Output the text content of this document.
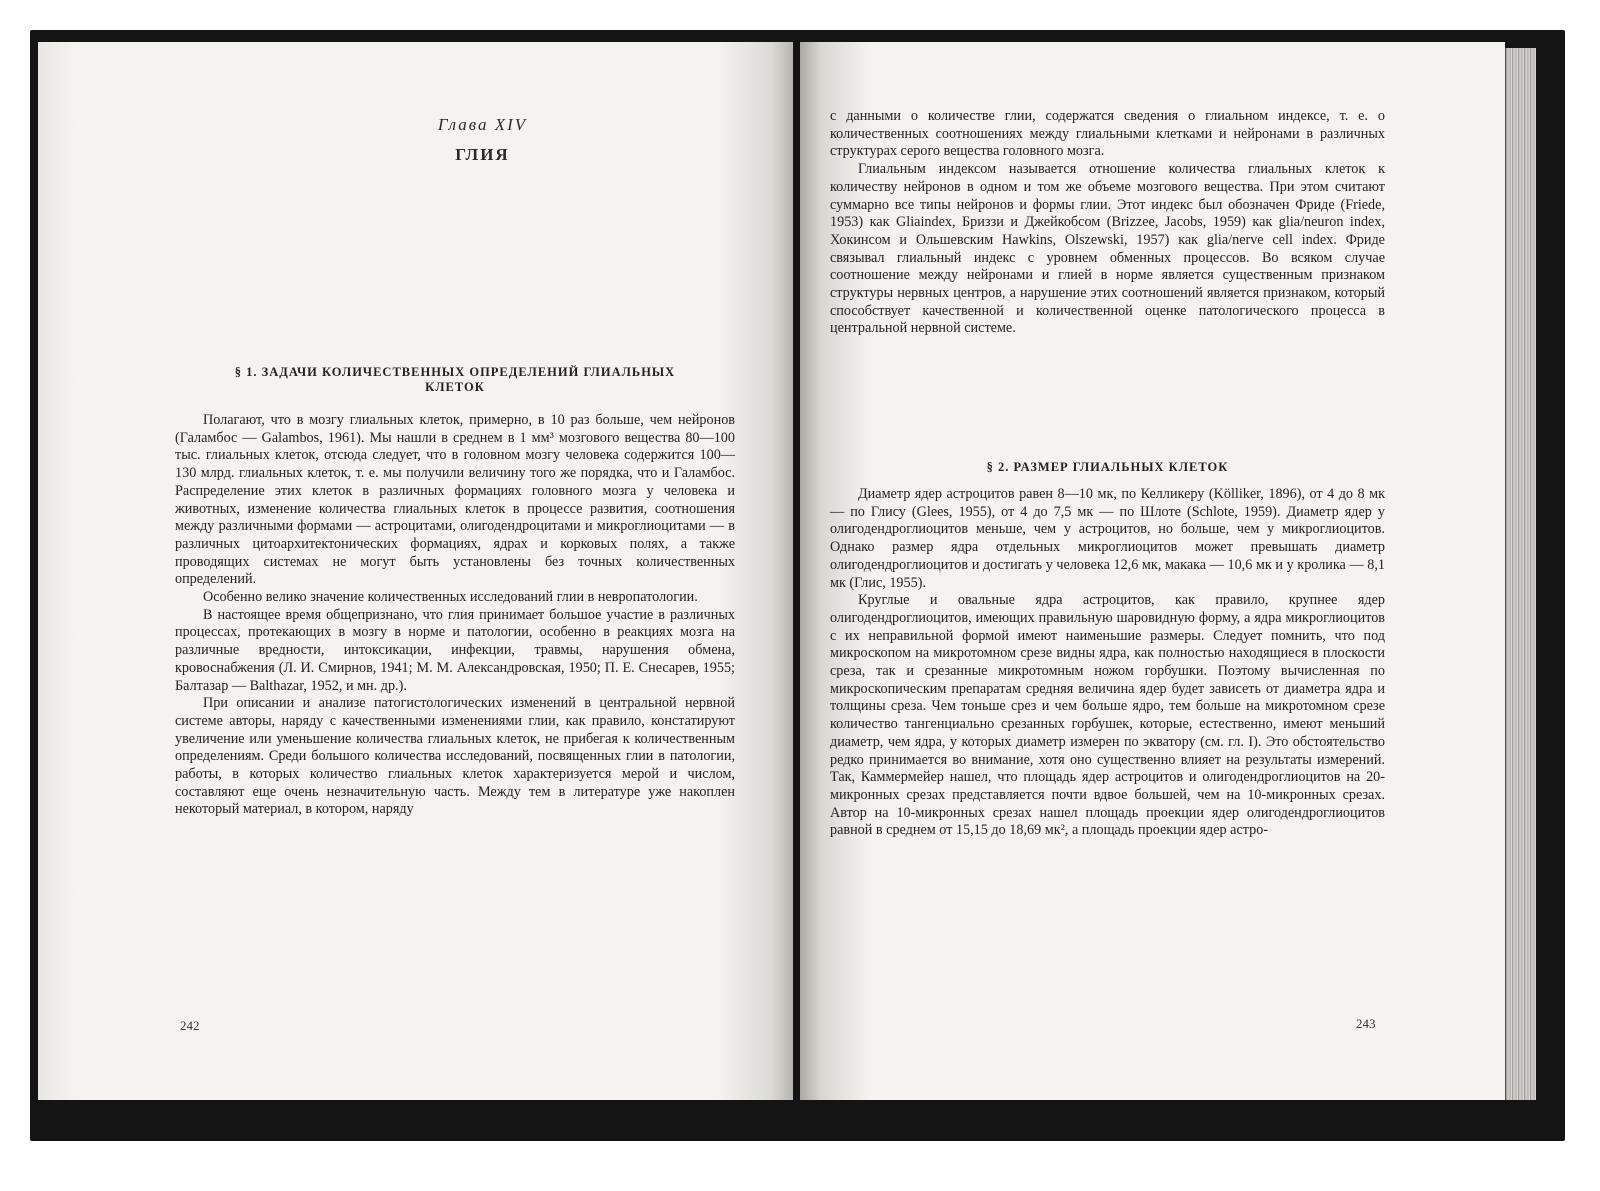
Глава XIV
ГЛИЯ
§ 1. ЗАДАЧИ КОЛИЧЕСТВЕННЫХ ОПРЕДЕЛЕНИЙ ГЛИАЛЬНЫХ
КЛЕТОК

Полагают, что в мозгу глиальных клеток, примерно, в 10 раз больше, чем нейронов (Галамбос — Galambos, 1961). Мы нашли в среднем в 1 мм³ мозгового вещества 80—100 тыс. глиальных клеток, отсюда следует, что в головном мозгу человека содержится 100—130 млрд. глиальных клеток, т. е. мы получили величину того же порядка, что и Галамбос. Распределение этих клеток в различных формациях головного мозга у человека и животных, изменение количества глиальных клеток в процессе развития, соотношения между различными формами — астроцитами, олигодендроцитами и микроглиоцитами — в различных цитоархитектонических формациях, ядрах и корковых полях, а также проводящих системах не могут быть установлены без точных количественных определений.

Особенно велико значение количественных исследований глии в невропатологии.

В настоящее время общепризнано, что глия принимает большое участие в различных процессах, протекающих в мозгу в норме и патологии, особенно в реакциях мозга на различные вредности, интоксикации, инфекции, травмы, нарушения обмена, кровоснабжения (Л. И. Смирнов, 1941; М. М. Александровская, 1950; П. Е. Снесарев, 1955; Балтазар — Balthazar, 1952, и мн. др.).

При описании и анализе патогистологических изменений в центральной нервной системе авторы, наряду с качественными изменениями глии, как правило, констатируют увеличение или уменьшение количества глиальных клеток, не прибегая к количественным определениям. Среди большого количества исследований, посвященных глии в патологии, работы, в которых количество глиальных клеток характеризуется мерой и числом, составляют еще очень незначительную часть. Между тем в литературе уже накоплен некоторый материал, в котором, наряду

242

с данными о количестве глии, содержатся сведения о глиальном индексе, т. е. о количественных соотношениях между глиальными клетками и нейронами в различных структурах серого вещества головного мозга.

Глиальным индексом называется отношение количества глиальных клеток к количеству нейронов в одном и том же объеме мозгового вещества. При этом считают суммарно все типы нейронов и формы глии. Этот индекс был обозначен Фриде (Friede, 1953) как Gliaindex, Бриззи и Джейкобсом (Brizzee, Jacobs, 1959) как glia/neuron index, Хокинсом и Ольшевским Hawkins, Olszewski, 1957) как glia/nerve cell index. Фриде связывал глиальный индекс с уровнем обменных процессов. Во всяком случае соотношение между нейронами и глией в норме является существенным признаком структуры нервных центров, а нарушение этих соотношений является признаком, который способствует качественной и количественной оценке патологического процесса в центральной нервной системе.

§ 2. РАЗМЕР ГЛИАЛЬНЫХ КЛЕТОК

Диаметр ядер астроцитов равен 8—10 мк, по Келликеру (Kölliker, 1896), от 4 до 8 мк — по Глису (Glees, 1955), от 4 до 7,5 мк — по Шлоте (Schlote, 1959). Диаметр ядер у олигодендроглиоцитов меньше, чем у астроцитов, но больше, чем у микроглиоцитов. Однако размер ядра отдельных микроглиоцитов может превышать диаметр олигодендроглиоцитов и достигать у человека 12,6 мк, макака — 10,6 мк и у кролика — 8,1 мк (Глис, 1955).

Круглые и овальные ядра астроцитов, как правило, крупнее ядер олигодендроглиоцитов, имеющих правильную шаровидную форму, а ядра микроглиоцитов с их неправильной формой имеют наименьшие размеры. Следует помнить, что под микроскопом на микротомном срезе видны ядра, как полностью находящиеся в плоскости среза, так и срезанные микротомным ножом горбушки. Поэтому вычисленная по микроскопическим препаратам средняя величина ядер будет зависеть от диаметра ядра и толщины среза. Чем тоньше срез и чем больше ядро, тем больше на микротомном срезе количество тангенциально срезанных горбушек, которые, естественно, имеют меньший диаметр, чем ядра, у которых диаметр измерен по экватору (см. гл. I). Это обстоятельство редко принимается во внимание, хотя оно существенно влияет на результаты измерений. Так, Каммермейер нашел, что площадь ядер астроцитов и олигодендроглиоцитов на 20-микронных срезах представляется почти вдвое большей, чем на 10-микронных срезах. Автор на 10-микронных срезах нашел площадь проекции ядер олигодендроглиоцитов равной в среднем от 15,15 до 18,69 мк², а площадь проекции ядер астро-

243
